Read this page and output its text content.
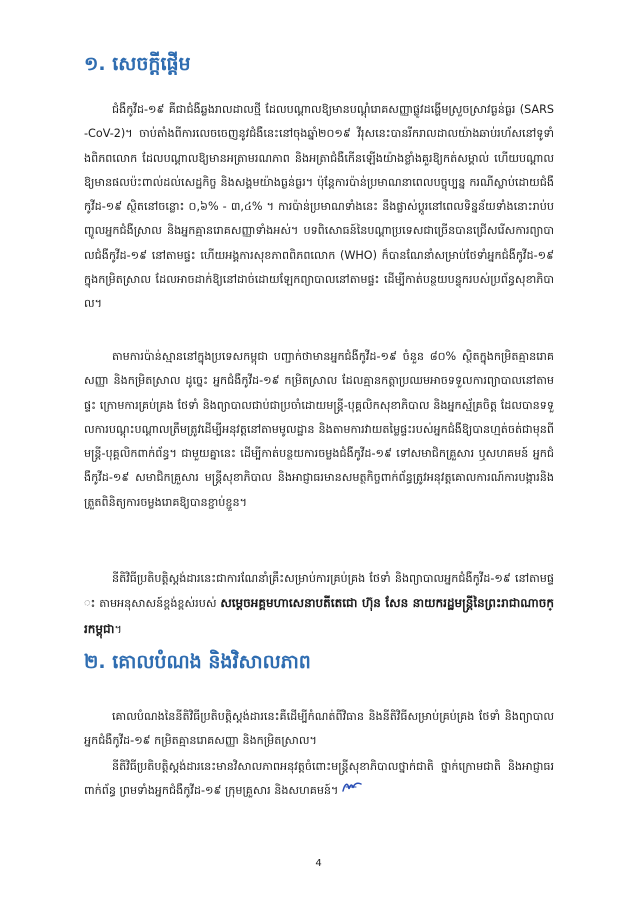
១. សេចក្ដីផ្ដើម

ជំងឺកូវីដ-១៩ គឺជាជំងឺឆ្លងរាលដាលថ្មី ដែលបណ្ដាលឱ្យមានបណ្ដុំរោគសញ្ញាផ្លូវដង្ហើមស្រួចស្រាវធ្ងន់ធ្ងរ (SARS-CoV-2)។ ចាប់តាំងពីការលេចចេញនូវជំងឺនេះនៅចុងឆ្នាំ២០១៩ វីរុសនេះបានរីករាលដាលយ៉ាងឆាប់រហ័សនៅទូទាំងពិភពលោក ដែលបណ្ដាលឱ្យមានអត្រាមរណភាព និងអត្រាជំងឺកើនឡើងយ៉ាងខ្លាំងគួរឱ្យកត់សម្គាល់ ហើយបណ្ដាលឱ្យមានផលប៉ះពាល់ដល់សេដ្ឋកិច្ច និងសង្គមយ៉ាងធ្ងន់ធ្ងរ។ ប៉ុន្តែការប៉ាន់ប្រមាណនាពេលបច្ចុប្បន្ន ករណីស្លាប់ដោយជំងឺកូវីដ-១៩ ស្ថិតនៅចន្លោះ ០,៦% - ៣,៤% ។ ការប៉ាន់ប្រមាណទាំងនេះ នឹងផ្លាស់ប្ដូរនៅពេលទិន្នន័យទាំងនោះរាប់បញ្ចូលអ្នកជំងឺស្រាល និងអ្នកគ្មានរោគសញ្ញាទាំងអស់។ បទពិសោធន៍នៃបណ្ដាប្រទេសជាច្រើនបានជ្រើសរើសការព្យាបាលជំងឺកូវីដ-១៩ នៅតាមផ្ទះ ហើយអង្គការសុខភាពពិភពលោក (WHO) ក៏បានណែនាំសម្រាប់ថែទាំអ្នកជំងឺកូវីដ-១៩ ក្នុងកម្រិតស្រាល ដែលអាចដាក់ឱ្យនៅដាច់ដោយឡែកព្យាបាលនៅតាមផ្ទះ ដើម្បីកាត់បន្ថយបន្ទុករបស់ប្រព័ន្ធសុខាភិបាល។

តាមការប៉ាន់ស្មាននៅក្នុងប្រទេសកម្ពុជា បញ្ជាក់ថាមានអ្នកជំងឺកូវីដ-១៩ ចំនួន ៨០% ស្ថិតក្នុងកម្រិតគ្មានរោគសញ្ញា និងកម្រិតស្រាល ដូច្នេះ អ្នកជំងឺកូវីដ-១៩ កម្រិតស្រាល ដែលគ្មានកត្តាប្រឈមអាចទទួលការព្យាបាលនៅតាមផ្ទះ ក្រោមការគ្រប់គ្រង ថែទាំ និងព្យាបាលជាប់ជាប្រចាំដោយមន្ត្រី-បុគ្គលិកសុខាភិបាល និងអ្នកស្ម័គ្រចិត្ត ដែលបានទទួលការបណ្ដុះបណ្ដាលត្រឹមត្រូវដើម្បីអនុវត្តនៅតាមមូលដ្ឋាន និងតាមការវាយតម្លៃផ្ទះរបស់អ្នកជំងឺឱ្យបានហ្មត់ចត់ជាមុនពីមន្ត្រី-បុគ្គលិកពាក់ព័ន្ធ។ ជាមួយគ្នានេះ ដើម្បីកាត់បន្ថយការចម្លងជំងឺកូវីដ-១៩ ទៅសមាជិកគ្រួសារ ឬសហគមន៍ អ្នកជំងឺកូវីដ-១៩ សមាជិកគ្រួសារ មន្ត្រីសុខាភិបាល និងអាជ្ញាធរមានសមត្ថកិច្ចពាក់ព័ន្ធត្រូវអនុវត្តគោលការណ៍ការបង្ការនិងត្រួតពិនិត្យការចម្លងរោគឱ្យបានខ្ជាប់ខ្ជួន។

នីតិវិធីប្រតិបត្តិស្តង់ដារនេះជាការណែនាំគ្រឹះសម្រាប់ការគ្រប់គ្រង ថែទាំ និងព្យាបាលអ្នកជំងឺកូវីដ-១៩ នៅតាមផ្ទះ តាមអនុសាសន៍ខ្ពង់ខ្ពស់របស់ សម្ដេចអគ្គមហាសេនាបតីតេជោ ហ៊ុន សែន នាយករដ្ឋមន្ត្រីនៃព្រះរាជាណាចក្រកម្ពុជា។

២. គោលបំណង និងវិសាលភាព

គោលបំណងនៃនីតិវិធីប្រតិបត្តិស្តង់ដារនេះគឺដើម្បីកំណត់ពីវិធាន និងនីតិវិធីសម្រាប់គ្រប់គ្រង ថែទាំ និងព្យាបាលអ្នកជំងឺកូវីដ-១៩ កម្រិតគ្មានរោគសញ្ញា និងកម្រិតស្រាល។

នីតិវិធីប្រតិបត្តិស្តង់ដារនេះមានវិសាលភាពអនុវត្តចំពោះមន្ត្រីសុខាភិបាលថ្នាក់ជាតិ ថ្នាក់ក្រោមជាតិ និងអាជ្ញាធរពាក់ព័ន្ធ ព្រមទាំងអ្នកជំងឺកូវីដ-១៩ ក្រុមគ្រួសារ និងសហគមន៍។

4
